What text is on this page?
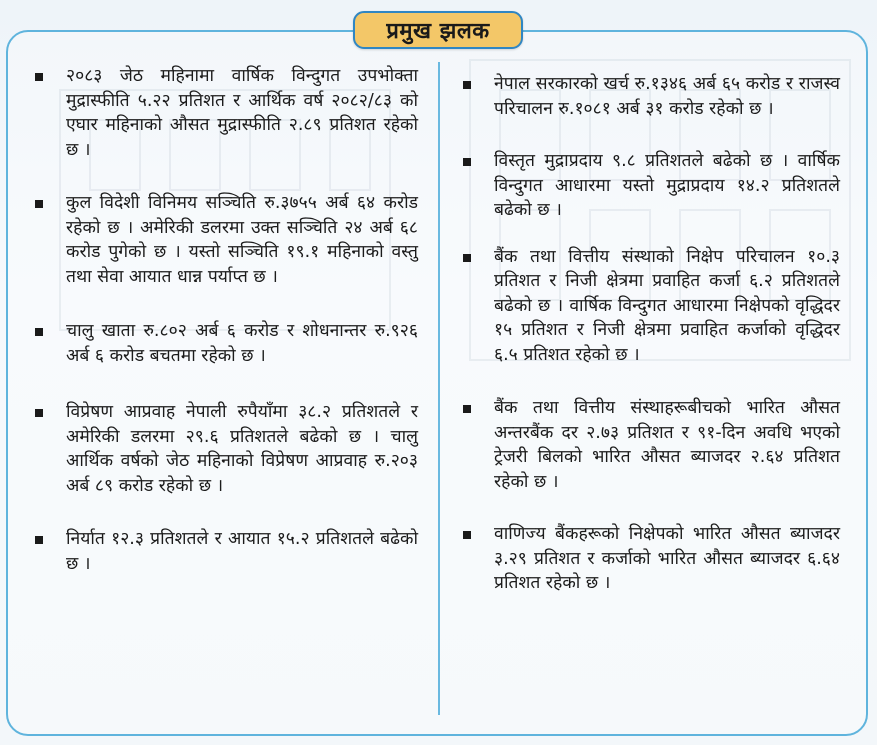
प्रमुख झलक

२०८३ जेठ महिनामा वार्षिक विन्दुगत उपभोक्ता मुद्रास्फीति ५.२२ प्रतिशत र आर्थिक वर्ष २०८२/८३ को एघार महिनाको औसत मुद्रास्फीति २.८९ प्रतिशत रहेको छ ।

कुल विदेशी विनिमय सञ्चिति रु.३७५५ अर्ब ६४ करोड रहेको छ । अमेरिकी डलरमा उक्त सञ्चिति २४ अर्ब ६८ करोड पुगेको छ । यस्तो सञ्चिति १९.१ महिनाको वस्तु तथा सेवा आयात धान्न पर्याप्त छ ।

चालु खाता रु.८०२ अर्ब ६ करोड र शोधनान्तर रु.९२६ अर्ब ६ करोड बचतमा रहेको छ ।

विप्रेषण आप्रवाह नेपाली रुपैयाँमा ३८.२ प्रतिशतले र अमेरिकी डलरमा २९.६ प्रतिशतले बढेको छ । चालु आर्थिक वर्षको जेठ महिनाको विप्रेषण आप्रवाह रु.२०३ अर्ब ८९ करोड रहेको छ ।

निर्यात १२.३ प्रतिशतले र आयात १५.२ प्रतिशतले बढेको छ ।

नेपाल सरकारको खर्च रु.१३४६ अर्ब ६५ करोड र राजस्व परिचालन रु.१०८१ अर्ब ३१ करोड रहेको छ ।

विस्तृत मुद्राप्रदाय ९.८ प्रतिशतले बढेको छ । वार्षिक विन्दुगत आधारमा यस्तो मुद्राप्रदाय १४.२ प्रतिशतले बढेको छ ।

बैंक तथा वित्तीय संस्थाको निक्षेप परिचालन १०.३ प्रतिशत र निजी क्षेत्रमा प्रवाहित कर्जा ६.२ प्रतिशतले बढेको छ । वार्षिक विन्दुगत आधारमा निक्षेपको वृद्धिदर १५ प्रतिशत र निजी क्षेत्रमा प्रवाहित कर्जाको वृद्धिदर ६.५ प्रतिशत रहेको छ ।

बैंक तथा वित्तीय संस्थाहरूबीचको भारित औसत अन्तरबैंक दर २.७३ प्रतिशत र ९१-दिन अवधि भएको ट्रेजरी बिलको भारित औसत ब्याजदर २.६४ प्रतिशत रहेको छ ।

वाणिज्य बैंकहरूको निक्षेपको भारित औसत ब्याजदर ३.२९ प्रतिशत र कर्जाको भारित औसत ब्याजदर ६.६४ प्रतिशत रहेको छ ।
